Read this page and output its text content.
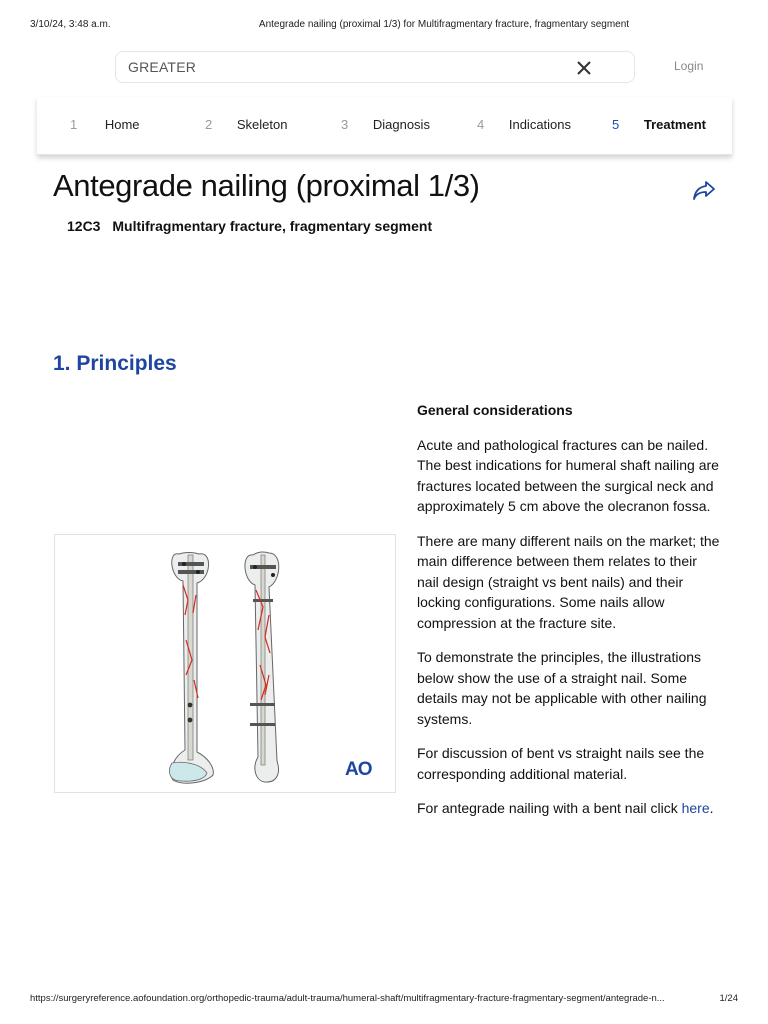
3/10/24, 3:48 a.m.	Antegrade nailing (proximal 1/3) for Multifragmentary fracture, fragmentary segment
GREATER	Login
1 Home	2 Skeleton	3 Diagnosis	4 Indications	5 Treatment
Antegrade nailing (proximal 1/3)
12C3 Multifragmentary fracture, fragmentary segment
1. Principles
AO
General considerations

Acute and pathological fractures can be nailed. The best indications for humeral shaft nailing are fractures located between the surgical neck and approximately 5 cm above the olecranon fossa.

There are many different nails on the market; the main difference between them relates to their nail design (straight vs bent nails) and their locking configurations. Some nails allow compression at the fracture site.

To demonstrate the principles, the illustrations below show the use of a straight nail. Some details may not be applicable with other nailing systems.

For discussion of bent vs straight nails see the corresponding additional material.

For antegrade nailing with a bent nail click here.

https://surgeryreference.aofoundation.org/orthopedic-trauma/adult-trauma/humeral-shaft/multifragmentary-fracture-fragmentary-segment/antegrade-n...	1/24
